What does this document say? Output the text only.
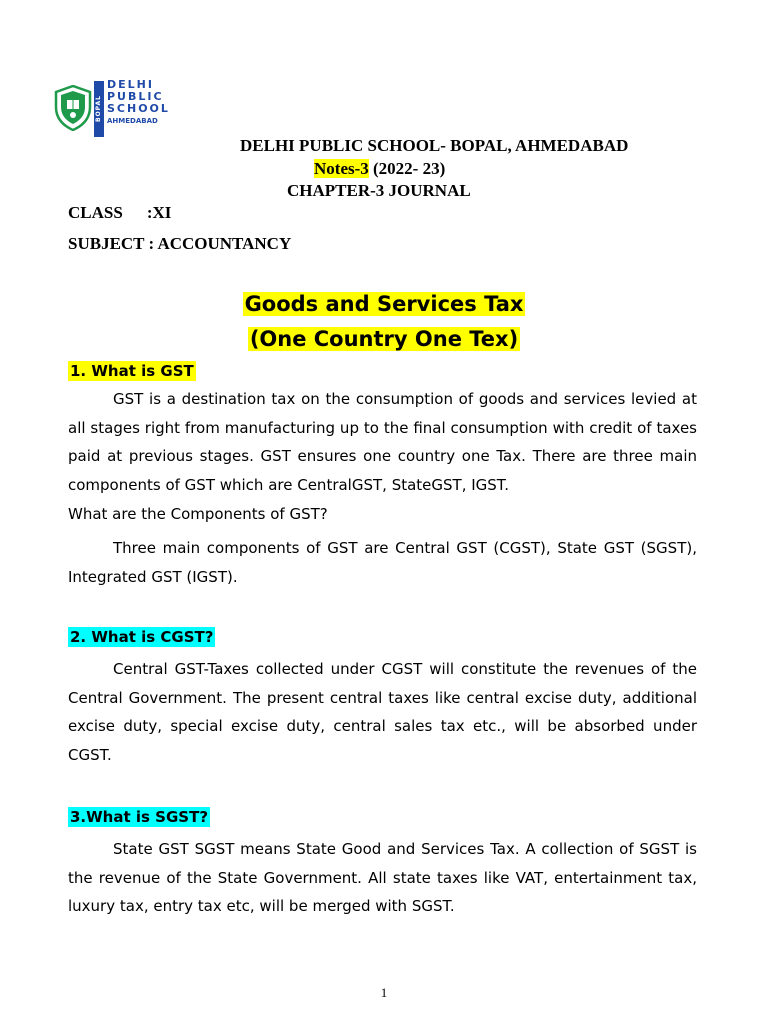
BOPAL
DELHI
PUBLIC
SCHOOL
AHMEDABAD
DELHI PUBLIC SCHOOL- BOPAL, AHMEDABAD
Notes-3 (2022- 23)
CHAPTER-3 JOURNAL
CLASS :XI
SUBJECT : ACCOUNTANCY
Goods and Services Tax
(One Country One Tex)
1. What is GST
GST is a destination tax on the consumption of goods and services levied at all stages right from manufacturing up to the final consumption with credit of taxes paid at previous stages. GST ensures one country one Tax. There are three main components of GST which are CentralGST, StateGST, IGST.
What are the Components of GST?
Three main components of GST are Central GST (CGST), State GST (SGST), Integrated GST (IGST).
2. What is CGST?
Central GST-Taxes collected under CGST will constitute the revenues of the Central Government. The present central taxes like central excise duty, additional excise duty, special excise duty, central sales tax etc., will be absorbed under CGST.
3.What is SGST?
State GST SGST means State Good and Services Tax. A collection of SGST is the revenue of the State Government. All state taxes like VAT, entertainment tax, luxury tax, entry tax etc, will be merged with SGST.
1
